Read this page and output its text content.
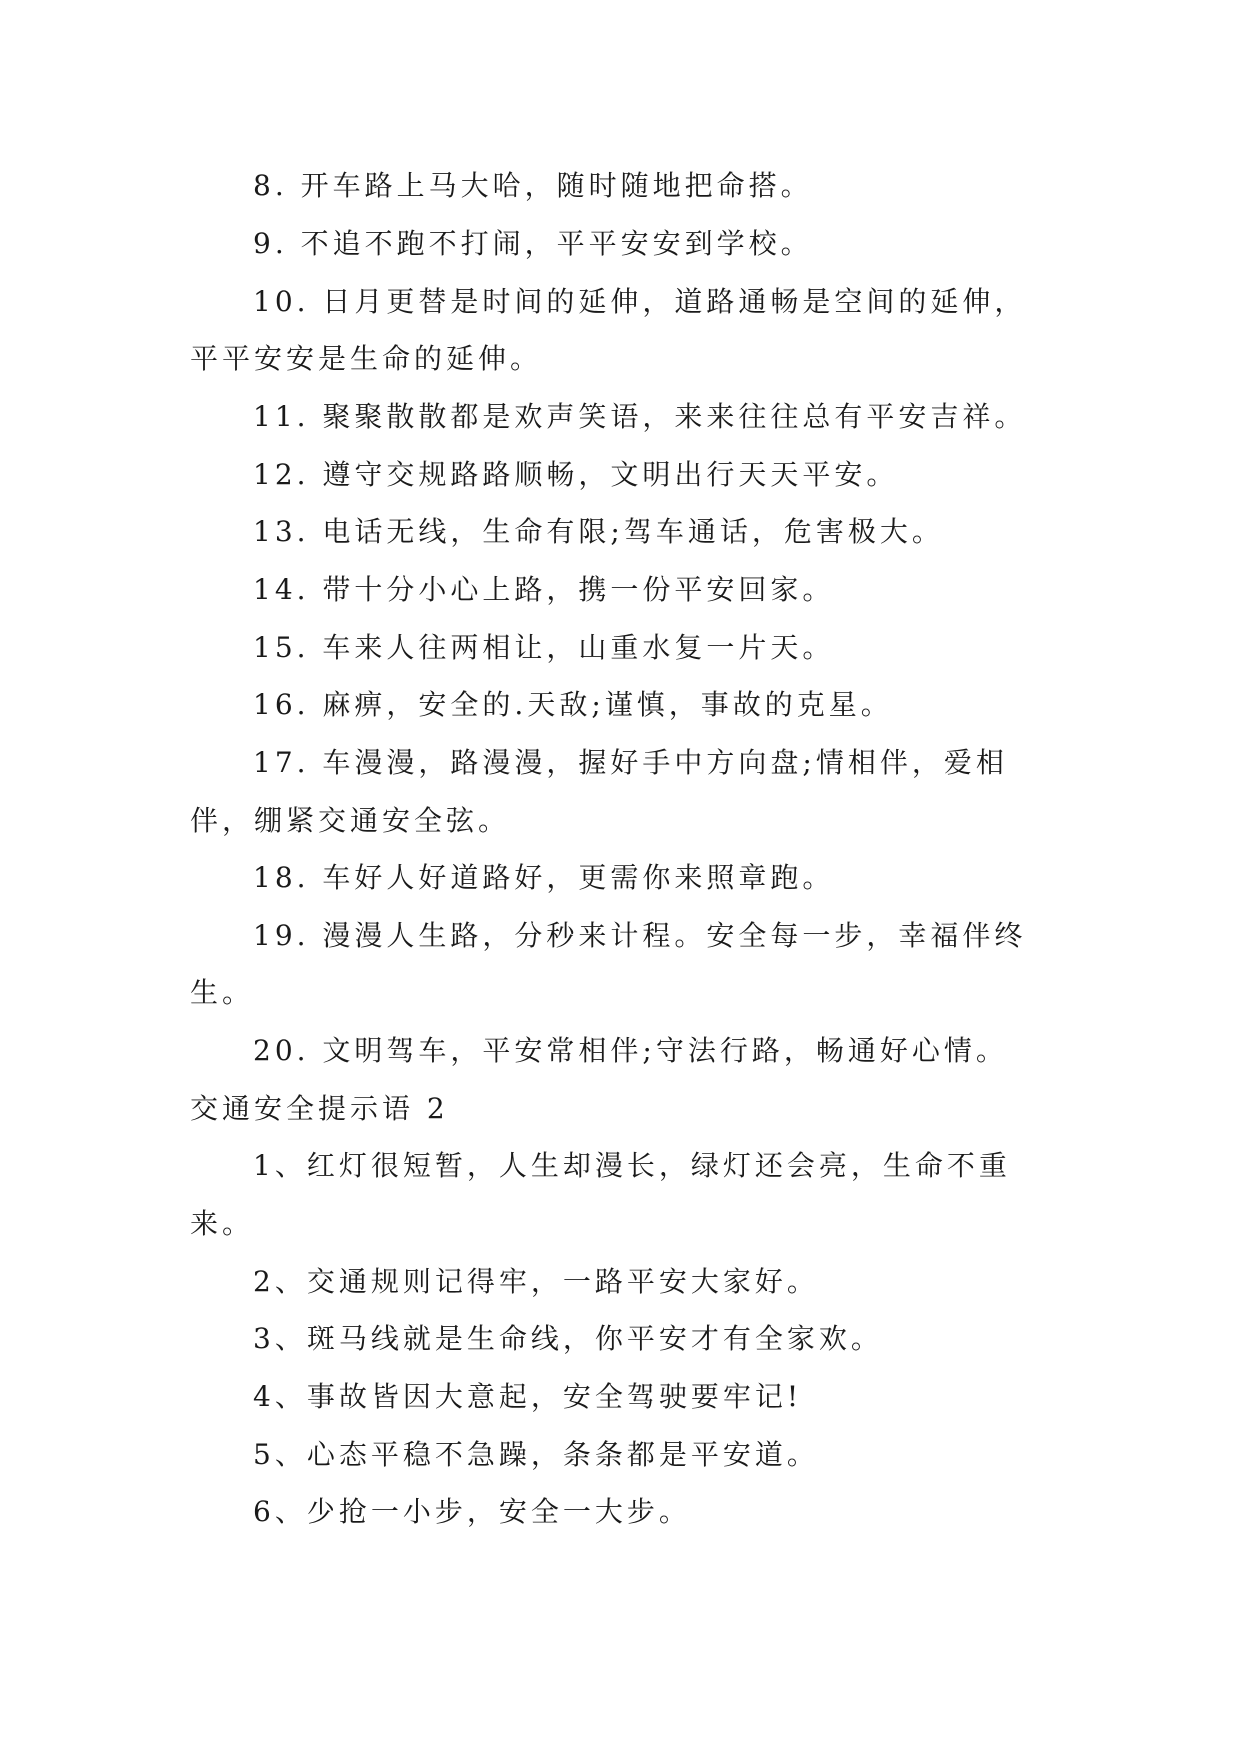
8. 开车路上马大哈，随时随地把命搭。
9. 不追不跑不打闹，平平安安到学校。
10. 日月更替是时间的延伸，道路通畅是空间的延伸，
平平安安是生命的延伸。
11. 聚聚散散都是欢声笑语，来来往往总有平安吉祥。
12. 遵守交规路路顺畅，文明出行天天平安。
13. 电话无线，生命有限;驾车通话，危害极大。
14. 带十分小心上路，携一份平安回家。
15. 车来人往两相让，山重水复一片天。
16. 麻痹，安全的.天敌;谨慎，事故的克星。
17. 车漫漫，路漫漫，握好手中方向盘;情相伴，爱相
伴，绷紧交通安全弦。
18. 车好人好道路好，更需你来照章跑。
19. 漫漫人生路，分秒来计程。安全每一步，幸福伴终
生。
20. 文明驾车，平安常相伴;守法行路，畅通好心情。
交通安全提示语 2
1、红灯很短暂，人生却漫长，绿灯还会亮，生命不重
来。
2、交通规则记得牢，一路平安大家好。
3、斑马线就是生命线，你平安才有全家欢。
4、事故皆因大意起，安全驾驶要牢记!
5、心态平稳不急躁，条条都是平安道。
6、少抢一小步，安全一大步。
